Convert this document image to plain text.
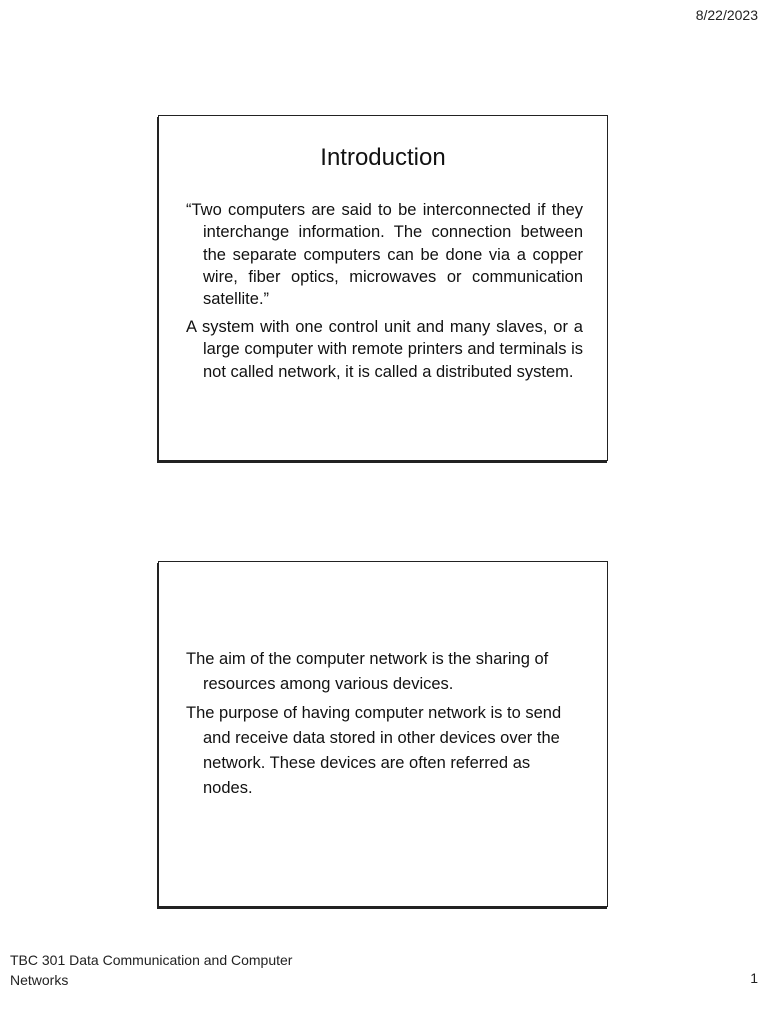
8/22/2023
Introduction
“Two computers are said to be interconnected if they interchange information. The connection between the separate computers can be done via a copper wire, fiber optics, microwaves or communication satellite.”
A system with one control unit and many slaves, or a large computer with remote printers and terminals is not called network, it is called a distributed system.
The aim of the computer network is the sharing of resources among various devices.
The purpose of having computer network is to send and receive data stored in other devices over the network. These devices are often referred as nodes.
TBC 301 Data Communication and Computer Networks	1
